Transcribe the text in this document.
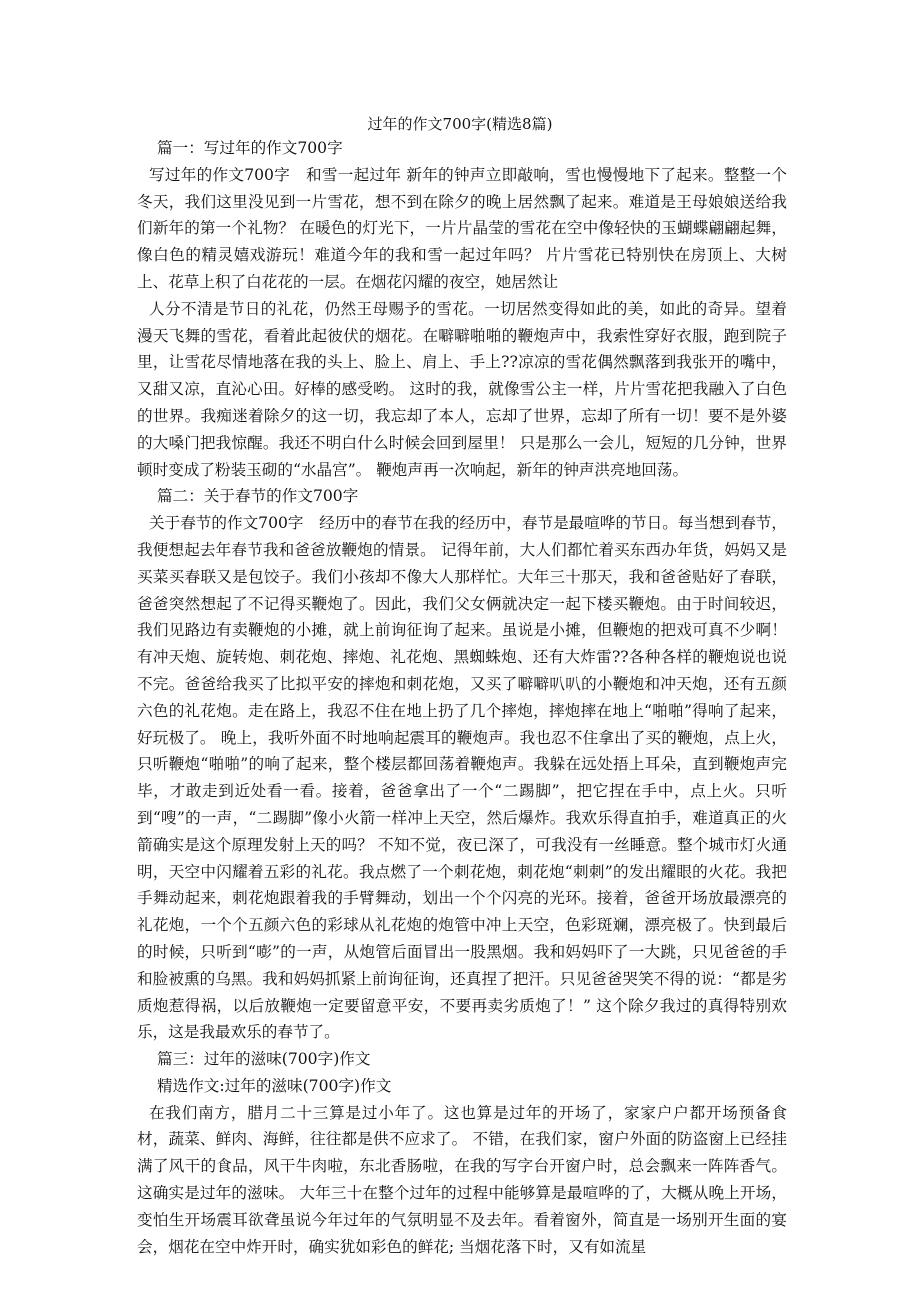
过年的作文700字(精选8篇)

篇一：写过年的作文700字

写过年的作文700字　和雪一起过年 新年的钟声立即敲响，雪也慢慢地下了起来。整整一个冬天，我们这里没见到一片雪花，想不到在除夕的晚上居然飘了起来。难道是王母娘娘送给我们新年的第一个礼物？ 在暖色的灯光下，一片片晶莹的雪花在空中像轻快的玉蝴蝶翩翩起舞，像白色的精灵嬉戏游玩！难道今年的我和雪一起过年吗？ 片片雪花已特别快在房顶上、大树上、花草上积了白花花的一层。在烟花闪耀的夜空，她居然让

人分不清是节日的礼花，仍然王母赐予的雪花。一切居然变得如此的美，如此的奇异。望着漫天飞舞的雪花，看着此起彼伏的烟花。在噼噼啪啪的鞭炮声中，我索性穿好衣服，跑到院子里，让雪花尽情地落在我的头上、脸上、肩上、手上??凉凉的雪花偶然飘落到我张开的嘴中，又甜又凉，直沁心田。好棒的感受哟。 这时的我，就像雪公主一样，片片雪花把我融入了白色的世界。我痴迷着除夕的这一切，我忘却了本人，忘却了世界，忘却了所有一切！要不是外婆的大嗓门把我惊醒。我还不明白什么时候会回到屋里！ 只是那么一会儿，短短的几分钟，世界顿时变成了粉装玉砌的“水晶宫”。 鞭炮声再一次响起，新年的钟声洪亮地回荡。

篇二：关于春节的作文700字

关于春节的作文700字　经历中的春节在我的经历中，春节是最喧哗的节日。每当想到春节，我便想起去年春节我和爸爸放鞭炮的情景。 记得年前，大人们都忙着买东西办年货，妈妈又是买菜买春联又是包饺子。我们小孩却不像大人那样忙。大年三十那天，我和爸爸贴好了春联，爸爸突然想起了不记得买鞭炮了。因此，我们父女俩就决定一起下楼买鞭炮。由于时间较迟，我们见路边有卖鞭炮的小摊，就上前询征询了起来。虽说是小摊，但鞭炮的把戏可真不少啊！有冲天炮、旋转炮、刺花炮、摔炮、礼花炮、黑蜘蛛炮、还有大炸雷??各种各样的鞭炮说也说不完。爸爸给我买了比拟平安的摔炮和刺花炮，又买了噼噼叭叭的小鞭炮和冲天炮，还有五颜六色的礼花炮。走在路上，我忍不住在地上扔了几个摔炮，摔炮摔在地上“啪啪”得响了起来，好玩极了。 晚上，我听外面不时地响起震耳的鞭炮声。我也忍不住拿出了买的鞭炮，点上火，只听鞭炮“啪啪”的响了起来，整个楼层都回荡着鞭炮声。我躲在远处捂上耳朵，直到鞭炮声完毕，才敢走到近处看一看。接着，爸爸拿出了一个“二踢脚”，把它捏在手中，点上火。只听到“嗖”的一声，“二踢脚”像小火箭一样冲上天空，然后爆炸。我欢乐得直拍手，难道真正的火箭确实是这个原理发射上天的吗？ 不知不觉，夜已深了，可我没有一丝睡意。整个城市灯火通明，天空中闪耀着五彩的礼花。我点燃了一个刺花炮，刺花炮“刺刺”的发出耀眼的火花。我把手舞动起来，刺花炮跟着我的手臂舞动，划出一个个闪亮的光环。接着，爸爸开场放最漂亮的礼花炮，一个个五颜六色的彩球从礼花炮的炮管中冲上天空，色彩斑斓，漂亮极了。快到最后的时候，只听到“嘭”的一声，从炮管后面冒出一股黑烟。我和妈妈吓了一大跳，只见爸爸的手和脸被熏的乌黑。我和妈妈抓紧上前询征询，还真捏了把汗。只见爸爸哭笑不得的说：“都是劣质炮惹得祸，以后放鞭炮一定要留意平安，不要再卖劣质炮了！” 这个除夕我过的真得特别欢乐，这是我最欢乐的春节了。

篇三：过年的滋味(700字)作文

精选作文:过年的滋味(700字)作文

在我们南方，腊月二十三算是过小年了。这也算是过年的开场了，家家户户都开场预备食材，蔬菜、鲜肉、海鲜，往往都是供不应求了。 不错，在我们家，窗户外面的防盗窗上已经挂满了风干的食品，风干牛肉啦，东北香肠啦，在我的写字台开窗户时，总会飘来一阵阵香气。这确实是过年的滋味。 大年三十在整个过年的过程中能够算是最喧哗的了，大概从晚上开场，变怕生开场震耳欲聋虽说今年过年的气氛明显不及去年。看着窗外，简直是一场别开生面的宴会，烟花在空中炸开时，确实犹如彩色的鲜花; 当烟花落下时，又有如流星
